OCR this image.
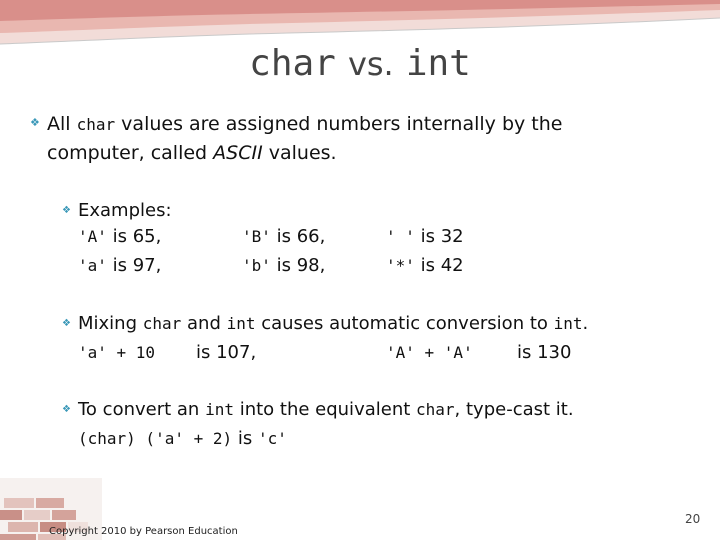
char vs. int
❖ All char values are assigned numbers internally by the
computer, called ASCII values.
❖ Examples:
'A' is 65,	'B' is 66,	' ' is 32
'a' is 97,	'b' is 98,	'*' is 42
❖ Mixing char and int causes automatic conversion to int.
'a' + 10 is 107,	'A' + 'A' is 130
❖ To convert an int into the equivalent char, type-cast it.
(char) ('a' + 2) is 'c'
Copyright 2010 by Pearson Education
20
